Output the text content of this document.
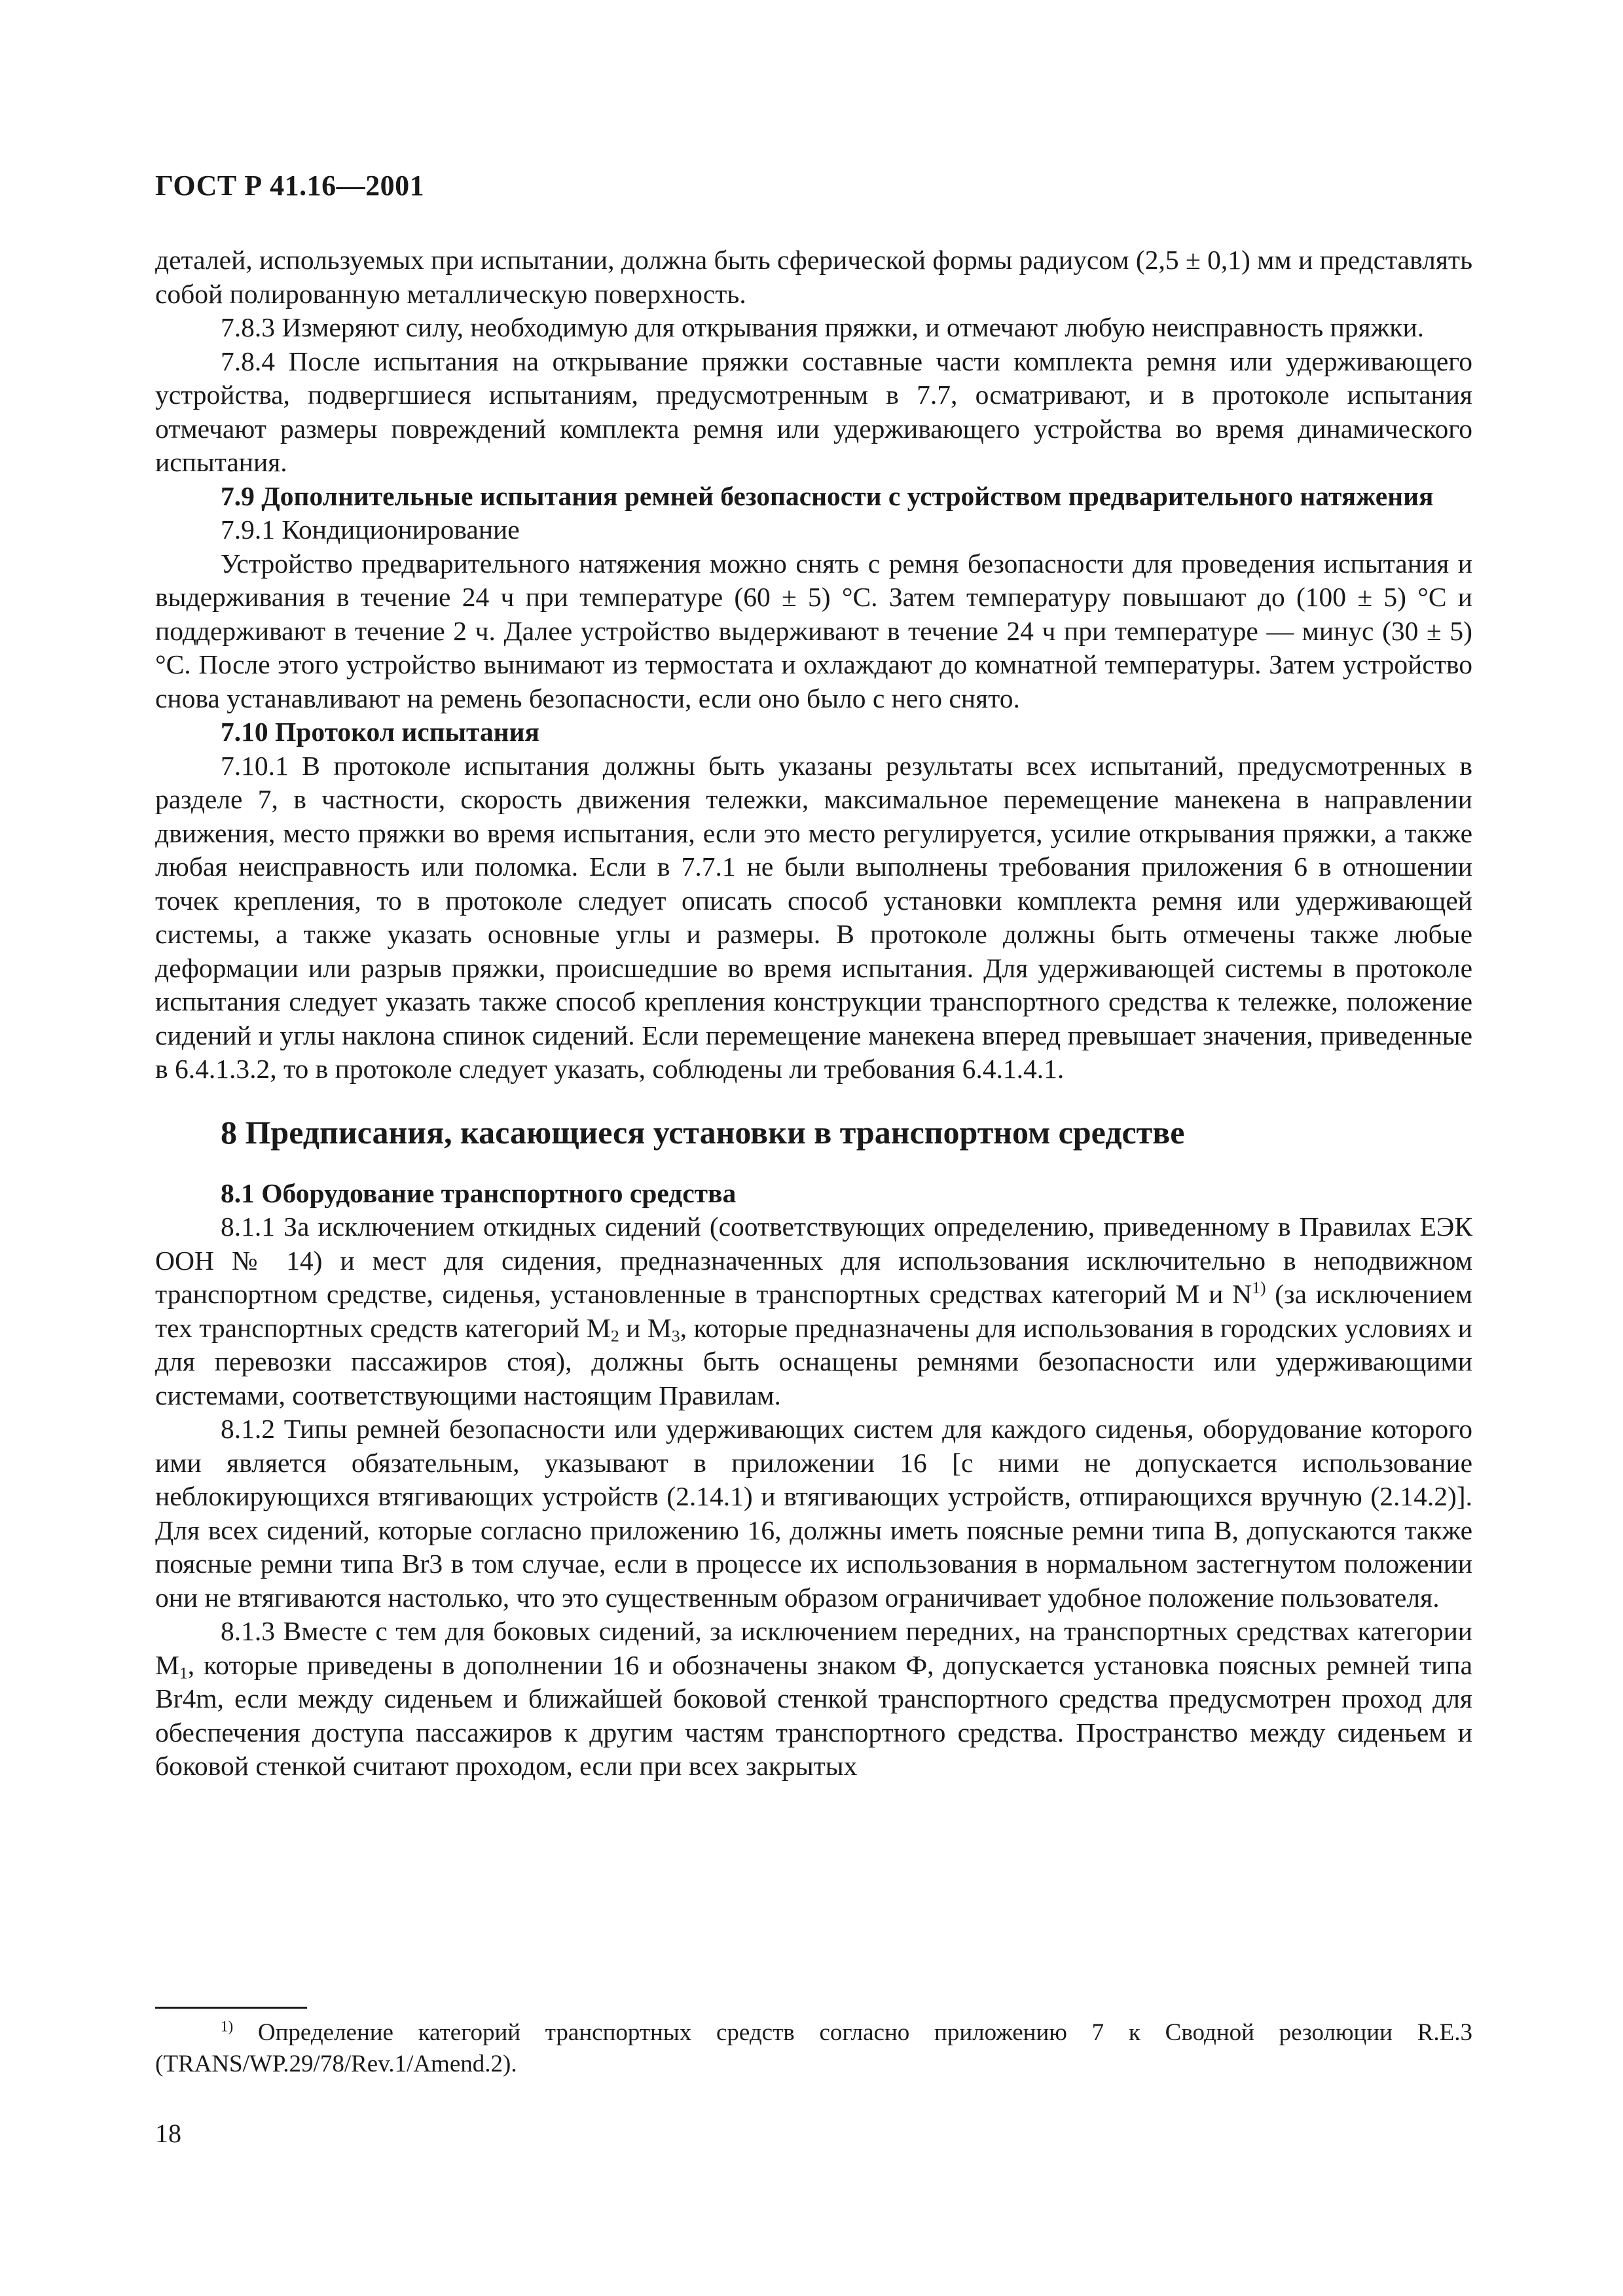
ГОСТ Р 41.16—2001

деталей, используемых при испытании, должна быть сферической формы радиусом (2,5 ± 0,1) мм и представлять собой полированную металлическую поверхность.

7.8.3 Измеряют силу, необходимую для открывания пряжки, и отмечают любую неисправность пряжки.

7.8.4 После испытания на открывание пряжки составные части комплекта ремня или удерживающего устройства, подвергшиеся испытаниям, предусмотренным в 7.7, осматривают, и в протоколе испытания отмечают размеры повреждений комплекта ремня или удерживающего устройства во время динамического испытания.

7.9 Дополнительные испытания ремней безопасности с устройством предварительного натяжения

7.9.1 Кондиционирование

Устройство предварительного натяжения можно снять с ремня безопасности для проведения испытания и выдерживания в течение 24 ч при температуре (60 ± 5) °С. Затем температуру повышают до (100 ± 5) °С и поддерживают в течение 2 ч. Далее устройство выдерживают в течение 24 ч при температуре — минус (30 ± 5) °С. После этого устройство вынимают из термостата и охлаждают до комнатной температуры. Затем устройство снова устанавливают на ремень безопасности, если оно было с него снято.

7.10 Протокол испытания

7.10.1 В протоколе испытания должны быть указаны результаты всех испытаний, предусмотренных в разделе 7, в частности, скорость движения тележки, максимальное перемещение манекена в направлении движения, место пряжки во время испытания, если это место регулируется, усилие открывания пряжки, а также любая неисправность или поломка. Если в 7.7.1 не были выполнены требования приложения 6 в отношении точек крепления, то в протоколе следует описать способ установки комплекта ремня или удерживающей системы, а также указать основные углы и размеры. В протоколе должны быть отмечены также любые деформации или разрыв пряжки, происшедшие во время испытания. Для удерживающей системы в протоколе испытания следует указать также способ крепления конструкции транспортного средства к тележке, положение сидений и углы наклона спинок сидений. Если перемещение манекена вперед превышает значения, приведенные в 6.4.1.3.2, то в протоколе следует указать, соблюдены ли требования 6.4.1.4.1.

8 Предписания, касающиеся установки в транспортном средстве

8.1 Оборудование транспортного средства

8.1.1 За исключением откидных сидений (соответствующих определению, приведенному в Правилах ЕЭК ООН № 14) и мест для сидения, предназначенных для использования исключительно в неподвижном транспортном средстве, сиденья, установленные в транспортных средствах категорий М и $N^{1)}$ (за исключением тех транспортных средств категорий $М_2$ и $М_3$, которые предназначены для использования в городских условиях и для перевозки пассажиров стоя), должны быть оснащены ремнями безопасности или удерживающими системами, соответствующими настоящим Правилам.

8.1.2 Типы ремней безопасности или удерживающих систем для каждого сиденья, оборудование которого ими является обязательным, указывают в приложении 16 [с ними не допускается использование неблокирующихся втягивающих устройств (2.14.1) и втягивающих устройств, отпирающихся вручную (2.14.2)]. Для всех сидений, которые согласно приложению 16, должны иметь поясные ремни типа В, допускаются также поясные ремни типа Br3 в том случае, если в процессе их использования в нормальном застегнутом положении они не втягиваются настолько, что это существенным образом ограничивает удобное положение пользователя.

8.1.3 Вместе с тем для боковых сидений, за исключением передних, на транспортных средствах категории $М_1$, которые приведены в дополнении 16 и обозначены знаком Ф, допускается установка поясных ремней типа Br4m, если между сиденьем и ближайшей боковой стенкой транспортного средства предусмотрен проход для обеспечения доступа пассажиров к другим частям транспортного средства. Пространство между сиденьем и боковой стенкой считают проходом, если при всех закрытых

$^{1)}$ Определение категорий транспортных средств согласно приложению 7 к Сводной резолюции R.E.3 (TRANS/WP.29/78/Rev.1/Amend.2).
18
